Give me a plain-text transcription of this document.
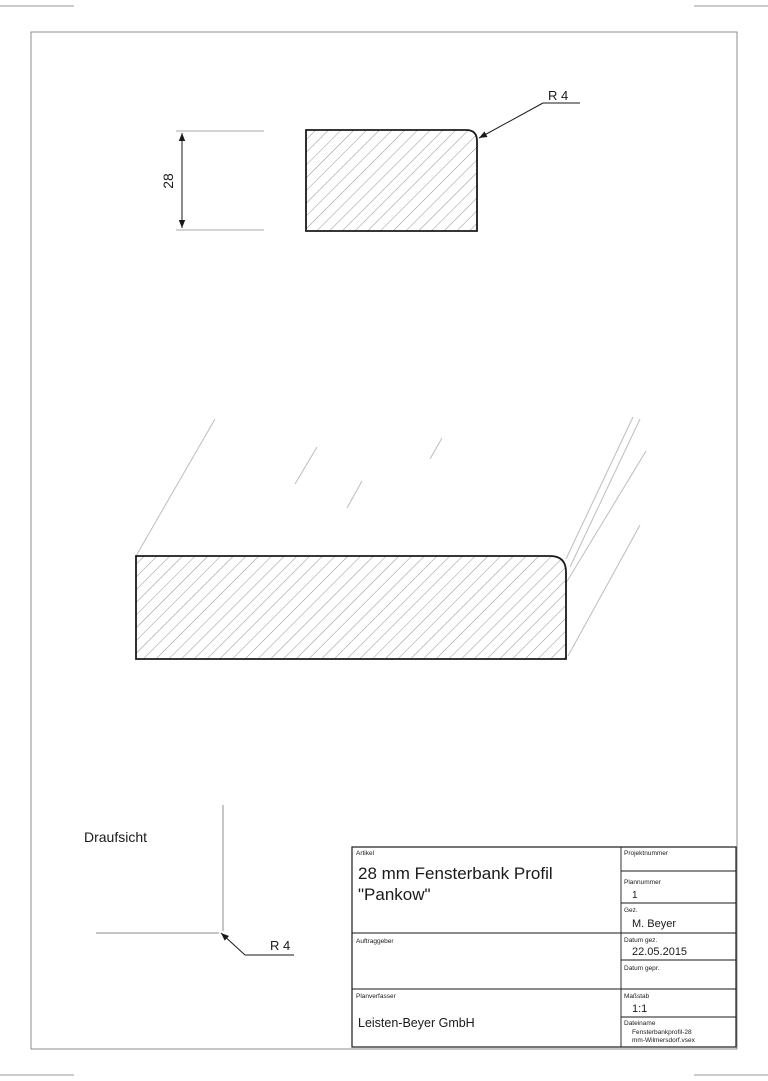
28
R 4
Draufsicht
R 4
Artikel
28 mm Fensterbank Profil
"Pankow"
Auftraggeber
Planverfasser
Leisten-Beyer GmbH
Projektnummer
Plannummer
1
Gez.
M. Beyer
Datum gez.
22.05.2015
Datum gepr.
Maßstab
1:1
Dateiname
Fensterbankprofil-28
mm-Wilmersdorf.vsex
